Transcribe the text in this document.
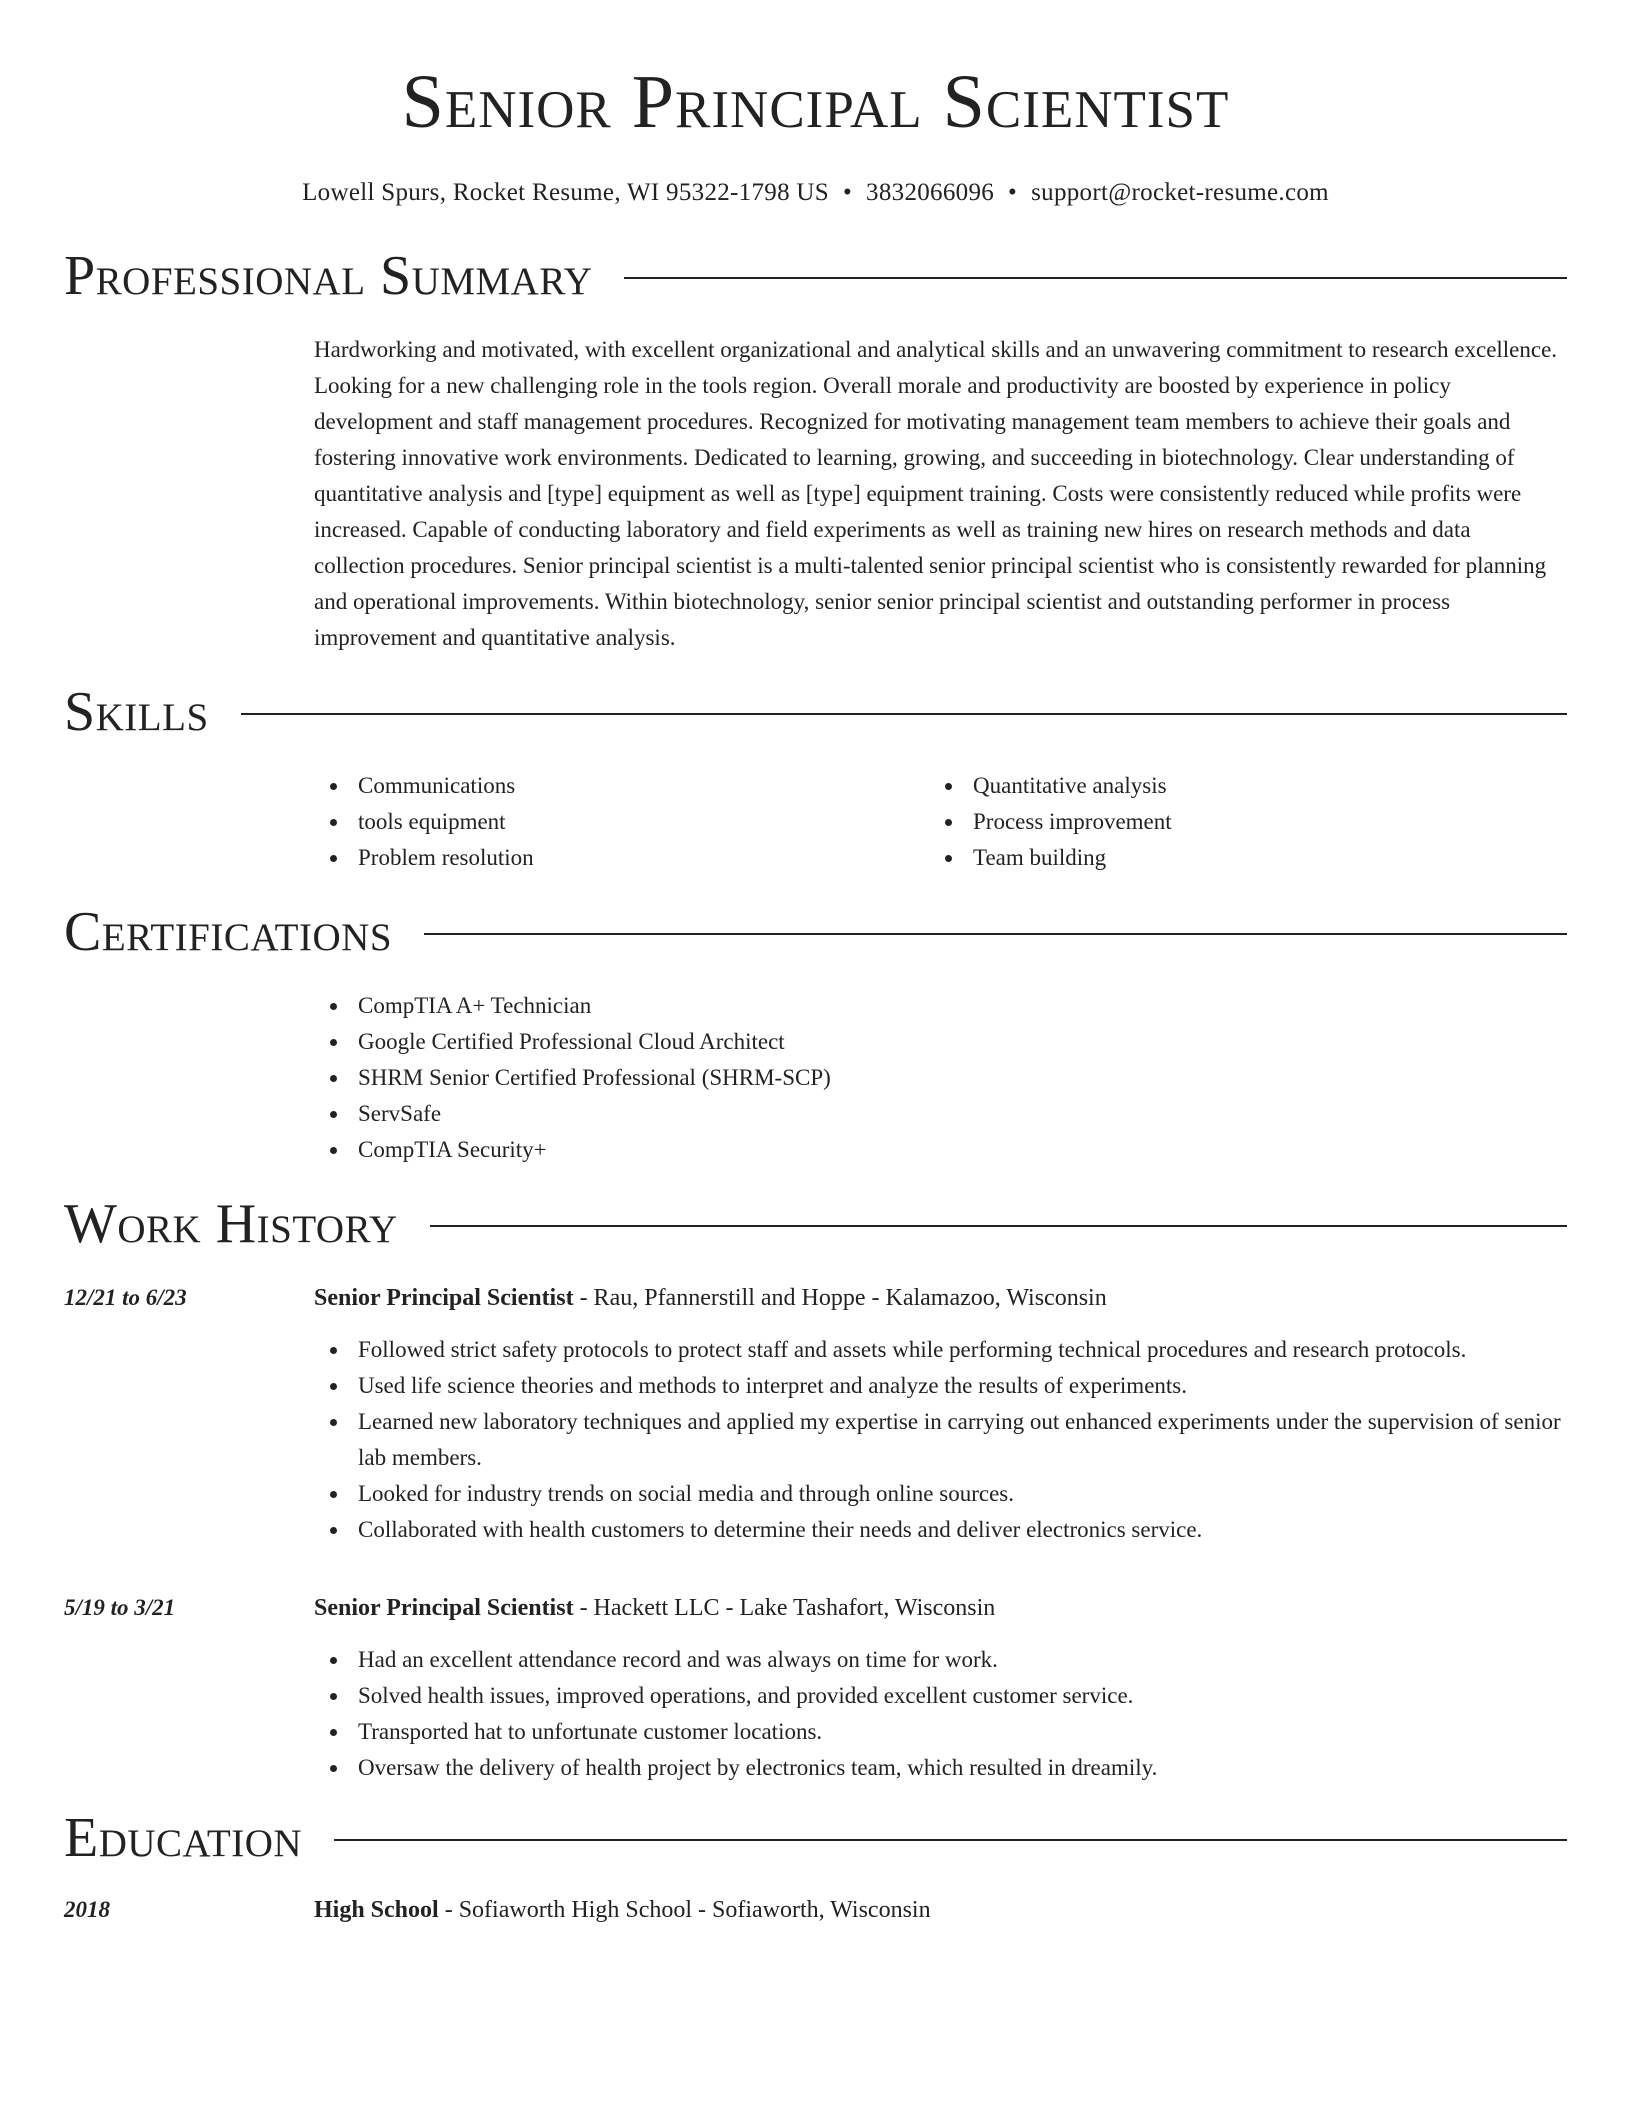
Senior Principal Scientist
Lowell Spurs, Rocket Resume, WI 95322-1798 US • 3832066096 • support@rocket-resume.com
Professional Summary
Hardworking and motivated, with excellent organizational and analytical skills and an unwavering commitment to research excellence. Looking for a new challenging role in the tools region. Overall morale and productivity are boosted by experience in policy development and staff management procedures. Recognized for motivating management team members to achieve their goals and fostering innovative work environments. Dedicated to learning, growing, and succeeding in biotechnology. Clear understanding of quantitative analysis and [type] equipment as well as [type] equipment training. Costs were consistently reduced while profits were increased. Capable of conducting laboratory and field experiments as well as training new hires on research methods and data collection procedures. Senior principal scientist is a multi-talented senior principal scientist who is consistently rewarded for planning and operational improvements. Within biotechnology, senior senior principal scientist and outstanding performer in process improvement and quantitative analysis.
Skills
Communications
tools equipment
Problem resolution
Quantitative analysis
Process improvement
Team building
Certifications
CompTIA A+ Technician
Google Certified Professional Cloud Architect
SHRM Senior Certified Professional (SHRM-SCP)
ServSafe
CompTIA Security+
Work History
12/21 to 6/23	Senior Principal Scientist - Rau, Pfannerstill and Hoppe - Kalamazoo, Wisconsin
Followed strict safety protocols to protect staff and assets while performing technical procedures and research protocols.
Used life science theories and methods to interpret and analyze the results of experiments.
Learned new laboratory techniques and applied my expertise in carrying out enhanced experiments under the supervision of senior lab members.
Looked for industry trends on social media and through online sources.
Collaborated with health customers to determine their needs and deliver electronics service.
5/19 to 3/21	Senior Principal Scientist - Hackett LLC - Lake Tashafort, Wisconsin
Had an excellent attendance record and was always on time for work.
Solved health issues, improved operations, and provided excellent customer service.
Transported hat to unfortunate customer locations.
Oversaw the delivery of health project by electronics team, which resulted in dreamily.
Education
2018	High School - Sofiaworth High School - Sofiaworth, Wisconsin
